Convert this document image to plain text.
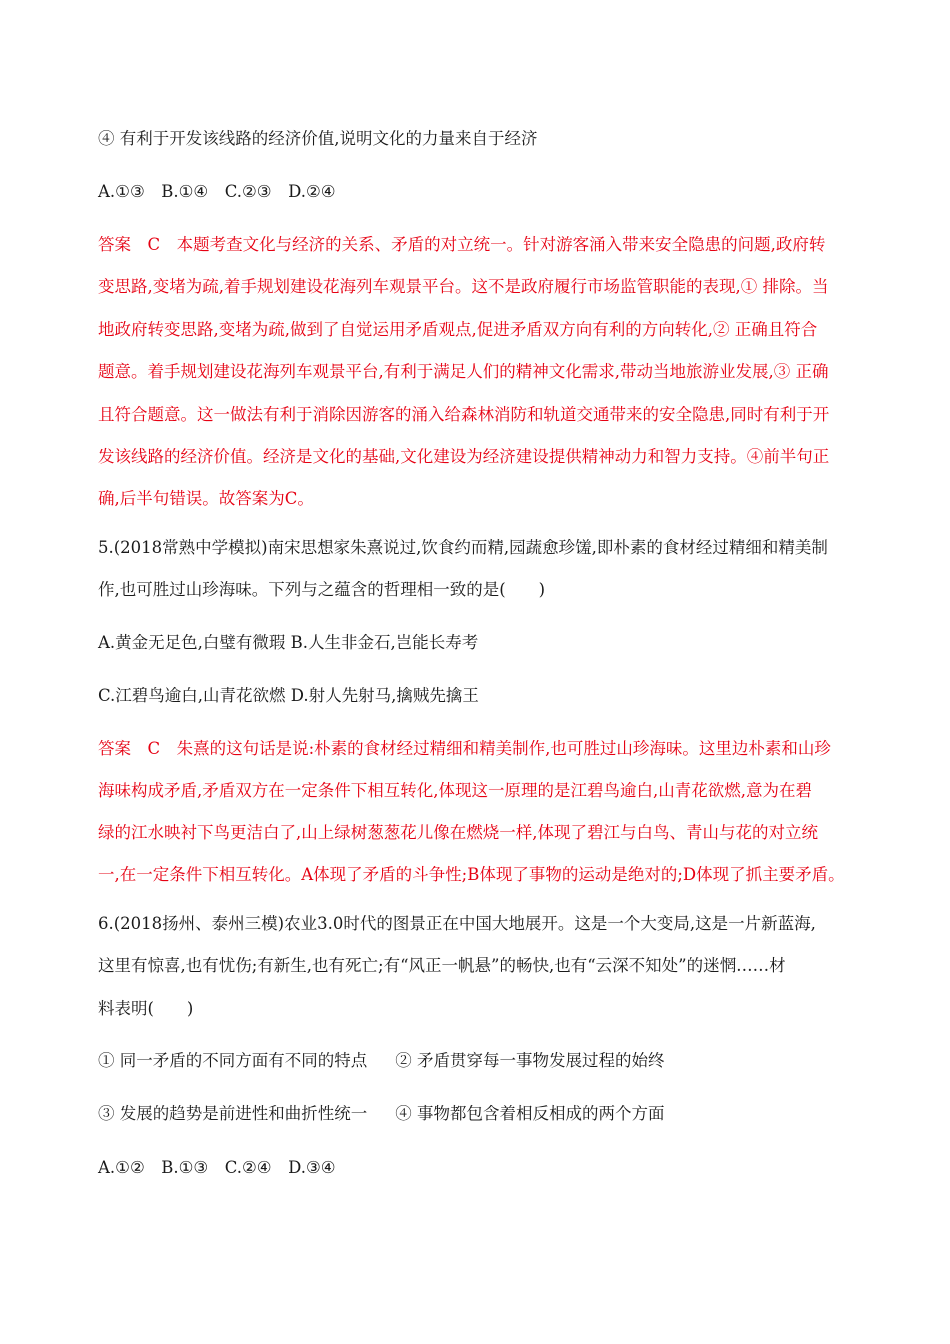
④ 有利于开发该线路的经济价值,说明文化的力量来自于经济
A.①③　B.①④　C.②③　D.②④
答案　C　本题考查文化与经济的关系、矛盾的对立统一。针对游客涌入带来安全隐患的问题,政府转
变思路,变堵为疏,着手规划建设花海列车观景平台。这不是政府履行市场监管职能的表现,① 排除。当
地政府转变思路,变堵为疏,做到了自觉运用矛盾观点,促进矛盾双方向有利的方向转化,② 正确且符合
题意。着手规划建设花海列车观景平台,有利于满足人们的精神文化需求,带动当地旅游业发展,③ 正确
且符合题意。这一做法有利于消除因游客的涌入给森林消防和轨道交通带来的安全隐患,同时有利于开
发该线路的经济价值。经济是文化的基础,文化建设为经济建设提供精神动力和智力支持。④前半句正
确,后半句错误。故答案为C。
5.(2018常熟中学模拟)南宋思想家朱熹说过,饮食约而精,园蔬愈珍馐,即朴素的食材经过精细和精美制
作,也可胜过山珍海味。下列与之蕴含的哲理相一致的是(　　)
A.黄金无足色,白璧有微瑕 B.人生非金石,岂能长寿考
C.江碧鸟逾白,山青花欲燃 D.射人先射马,擒贼先擒王
答案　C　朱熹的这句话是说:朴素的食材经过精细和精美制作,也可胜过山珍海味。这里边朴素和山珍
海味构成矛盾,矛盾双方在一定条件下相互转化,体现这一原理的是江碧鸟逾白,山青花欲燃,意为在碧
绿的江水映衬下鸟更洁白了,山上绿树葱葱花儿像在燃烧一样,体现了碧江与白鸟、青山与花的对立统
一,在一定条件下相互转化。A体现了矛盾的斗争性;B体现了事物的运动是绝对的;D体现了抓主要矛盾。
6.(2018扬州、泰州三模)农业3.0时代的图景正在中国大地展开。这是一个大变局,这是一片新蓝海,
这里有惊喜,也有忧伤;有新生,也有死亡;有“风正一帆悬”的畅快,也有“云深不知处”的迷惘……材
料表明(　　)
① 同一矛盾的不同方面有不同的特点 ② 矛盾贯穿每一事物发展过程的始终
③ 发展的趋势是前进性和曲折性统一 ④ 事物都包含着相反相成的两个方面
A.①②　B.①③　C.②④　D.③④
